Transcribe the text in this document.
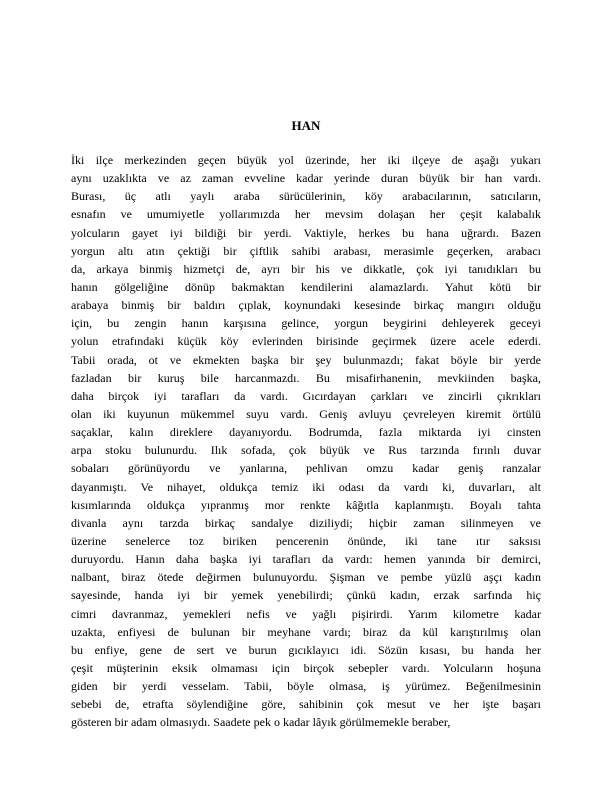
HAN
İki ilçe merkezinden geçen büyük yol üzerinde, her iki ilçeye de aşağı yukarı
aynı uzaklıkta ve az zaman evveline kadar yerinde duran büyük bir han vardı.
Burası, üç atlı yaylı araba sürücülerinin, köy arabacılarının, satıcıların,
esnafın ve umumiyetle yollarımızda her mevsim dolaşan her çeşit kalabalık
yolcuların gayet iyi bildiği bir yerdi. Vaktiyle, herkes bu hana uğrardı. Bazen
yorgun altı atın çektiği bir çiftlik sahibi arabası, merasimle geçerken, arabacı
da, arkaya binmiş hizmetçi de, ayrı bir his ve dikkatle, çok iyi tanıdıkları bu
hanın gölgeliğine dönüp bakmaktan kendilerini alamazlardı. Yahut kötü bir
arabaya binmiş bir baldırı çıplak, koynundaki kesesinde birkaç mangırı olduğu
için, bu zengin hanın karşısına gelince, yorgun beygirini dehleyerek geceyi
yolun etrafındaki küçük köy evlerinden birisinde geçirmek üzere acele ederdi.
Tabii orada, ot ve ekmekten başka bir şey bulunmazdı; fakat böyle bir yerde
fazladan bir kuruş bile harcanmazdı. Bu misafirhanenin, mevkiinden başka,
daha birçok iyi tarafları da vardı. Gıcırdayan çarkları ve zincirli çıkrıkları
olan iki kuyunun mükemmel suyu vardı. Geniş avluyu çevreleyen kiremit örtülü
saçaklar, kalın direklere dayanıyordu. Bodrumda, fazla miktarda iyi cinsten
arpa stoku bulunurdu. Ilık sofada, çok büyük ve Rus tarzında fırınlı duvar
sobaları görünüyordu ve yanlarına, pehlivan omzu kadar geniş ranzalar
dayanmıştı. Ve nihayet, oldukça temiz iki odası da vardı ki, duvarları, alt
kısımlarında oldukça yıpranmış mor renkte kâğıtla kaplanmıştı. Boyalı tahta
divanla aynı tarzda birkaç sandalye diziliydi; hiçbir zaman silinmeyen ve
üzerine senelerce toz biriken pencerenin önünde, iki tane ıtır saksısı
duruyordu. Hanın daha başka iyi tarafları da vardı: hemen yanında bir demirci,
nalbant, biraz ötede değirmen bulunuyordu. Şişman ve pembe yüzlü aşçı kadın
sayesinde, handa iyi bir yemek yenebilirdi; çünkü kadın, erzak sarfında hiç
cimri davranmaz, yemekleri nefis ve yağlı pişirirdi. Yarım kilometre kadar
uzakta, enfiyesi de bulunan bir meyhane vardı; biraz da kül karıştırılmış olan
bu enfiye, gene de sert ve burun gıcıklayıcı idi. Sözün kısası, bu handa her
çeşit müşterinin eksik olmaması için birçok sebepler vardı. Yolcuların hoşuna
giden bir yerdi vesselam. Tabii, böyle olmasa, iş yürümez. Beğenilmesinin
sebebi de, etrafta söylendiğine göre, sahibinin çok mesut ve her işte başarı
gösteren bir adam olmasıydı. Saadete pek o kadar lâyık görülmemekle beraber,
